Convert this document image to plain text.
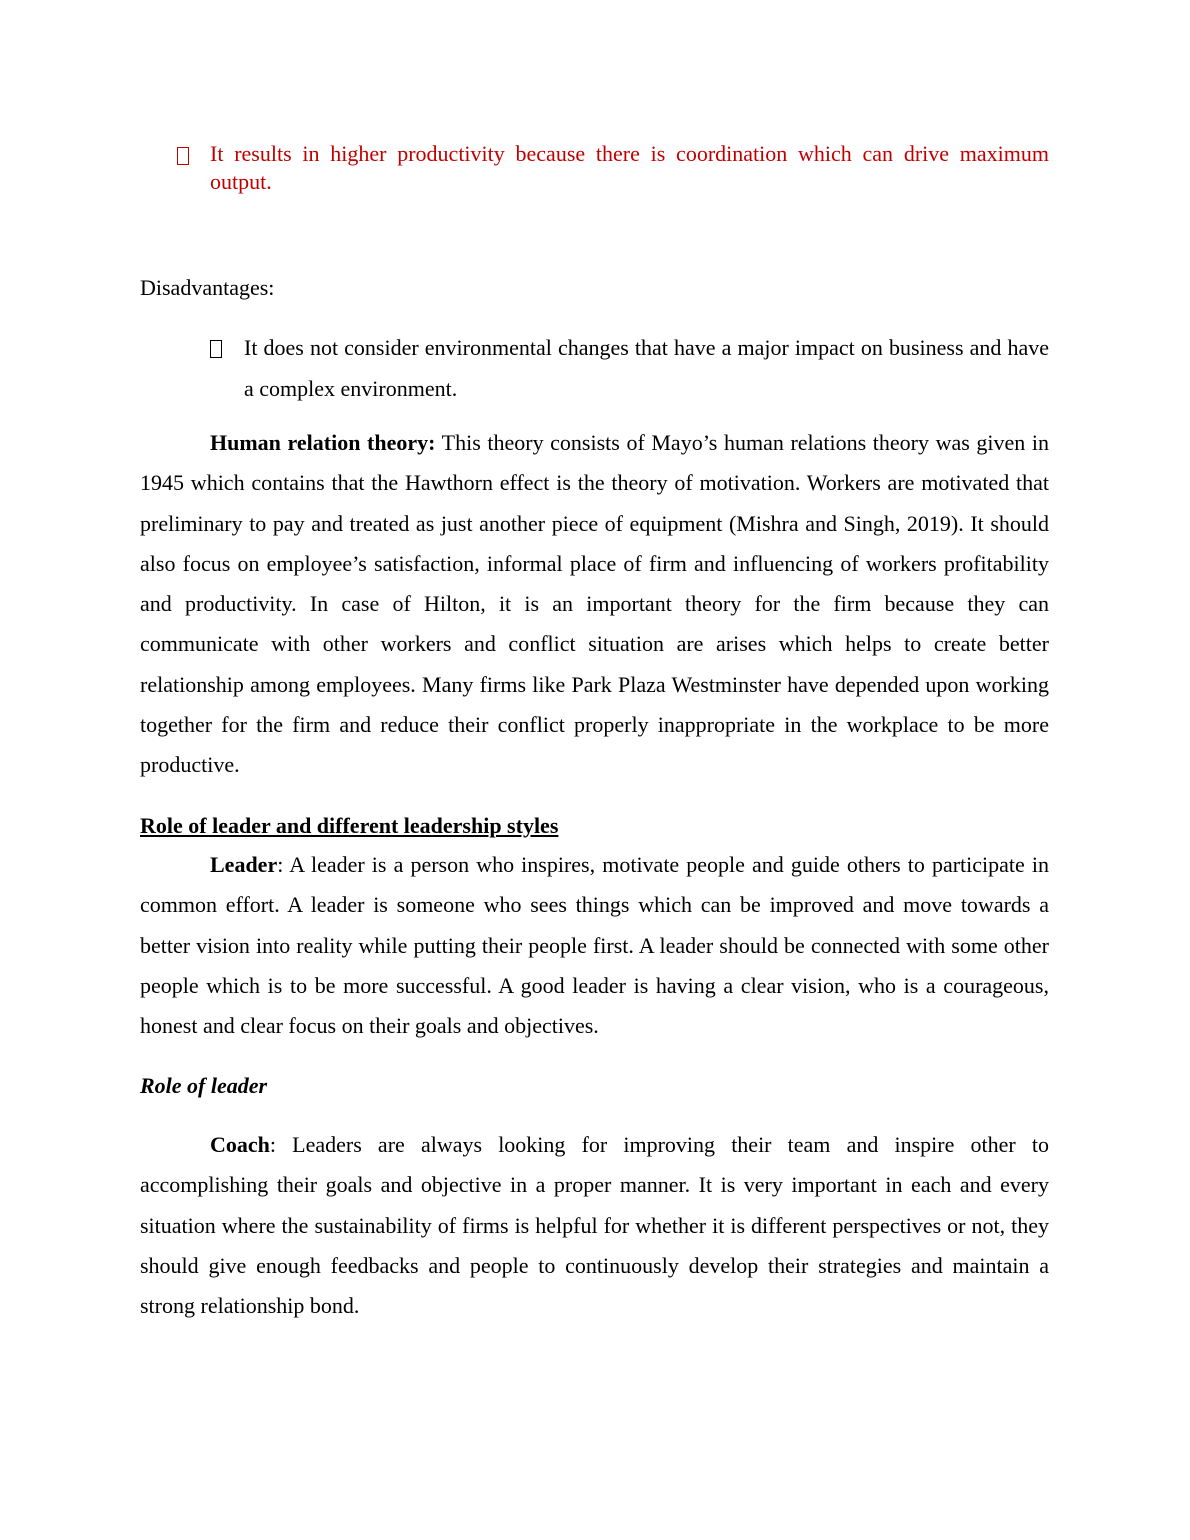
It results in higher productivity because there is coordination which can drive maximum output.

Disadvantages:

It does not consider environmental changes that have a major impact on business and have a complex environment.

Human relation theory: This theory consists of Mayo’s human relations theory was given in 1945 which contains that the Hawthorn effect is the theory of motivation. Workers are motivated that preliminary to pay and treated as just another piece of equipment (Mishra and Singh, 2019). It should also focus on employee’s satisfaction, informal place of firm and influencing of workers profitability and productivity. In case of Hilton, it is an important theory for the firm because they can communicate with other workers and conflict situation are arises which helps to create better relationship among employees. Many firms like Park Plaza Westminster have depended upon working together for the firm and reduce their conflict properly inappropriate in the workplace to be more productive.

Role of leader and different leadership styles

Leader: A leader is a person who inspires, motivate people and guide others to participate in common effort. A leader is someone who sees things which can be improved and move towards a better vision into reality while putting their people first. A leader should be connected with some other people which is to be more successful. A good leader is having a clear vision, who is a courageous, honest and clear focus on their goals and objectives.

Role of leader

Coach: Leaders are always looking for improving their team and inspire other to accomplishing their goals and objective in a proper manner. It is very important in each and every situation where the sustainability of firms is helpful for whether it is different perspectives or not, they should give enough feedbacks and people to continuously develop their strategies and maintain a strong relationship bond.
